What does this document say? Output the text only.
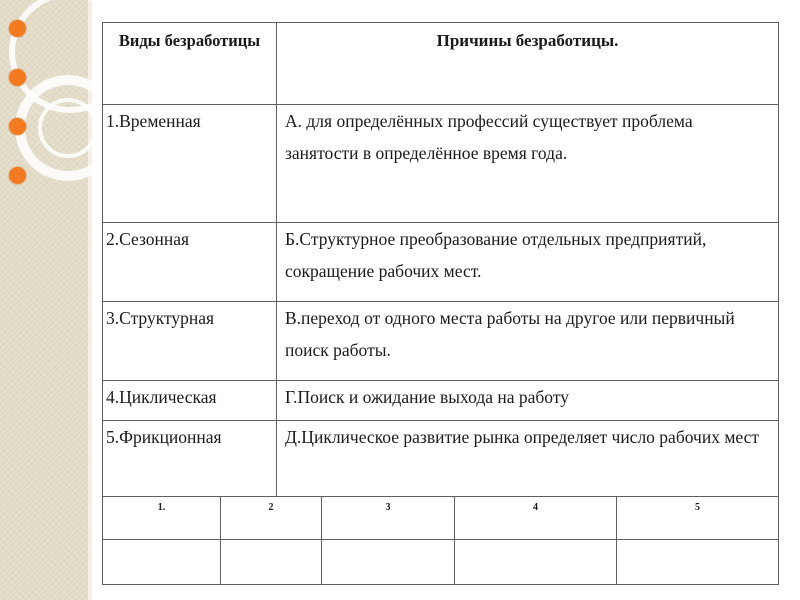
Виды безработицы	Причины безработицы.

1.Временная	А. для определённых профессий существует проблема занятости в определённое время года.
2.Сезонная	Б.Структурное преобразование отдельных предприятий, сокращение рабочих мест.
3.Структурная	В.переход от одного места работы на другое или первичный поиск работы.
4.Циклическая	Г.Поиск и ожидание выхода на работу
5.Фрикционная	Д.Циклическое развитие рынка определяет число рабочих мест
1.	2	3	4	5
